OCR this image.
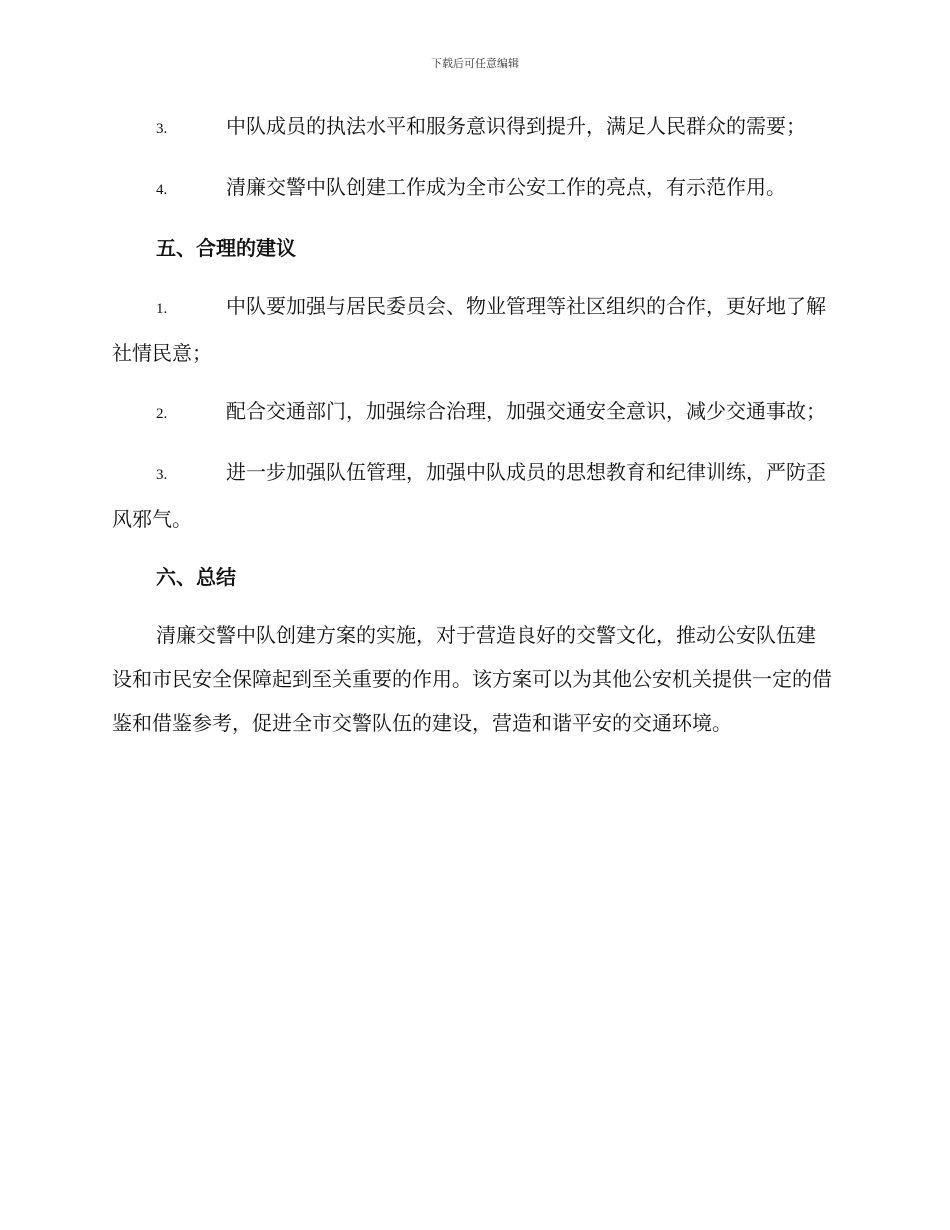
下载后可任意编辑

3.	中队成员的执法水平和服务意识得到提升，满足人民群众的需要；

4.	清廉交警中队创建工作成为全市公安工作的亮点，有示范作用。

五、合理的建议

1.	中队要加强与居民委员会、物业管理等社区组织的合作，更好地了解社情民意；

2.	配合交通部门，加强综合治理，加强交通安全意识，减少交通事故；

3.	进一步加强队伍管理，加强中队成员的思想教育和纪律训练，严防歪风邪气。

六、总结

清廉交警中队创建方案的实施，对于营造良好的交警文化，推动公安队伍建设和市民安全保障起到至关重要的作用。该方案可以为其他公安机关提供一定的借鉴和借鉴参考，促进全市交警队伍的建设，营造和谐平安的交通环境。
